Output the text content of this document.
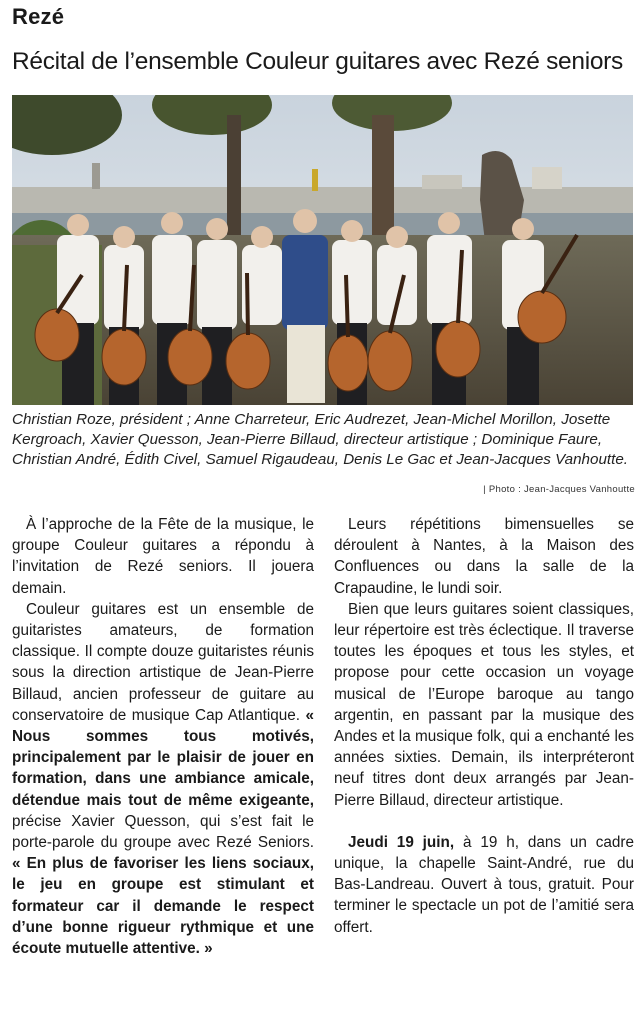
Rezé
Récital de l’ensemble Couleur guitares avec Rezé seniors
Christian Roze, président ; Anne Charreteur, Eric Audrezet, Jean-Michel Morillon, Josette Kergroach, Xavier Quesson, Jean-Pierre Billaud, directeur artistique ; Dominique Faure, Christian André, Édith Civel, Samuel Rigaudeau, Denis Le Gac et Jean-Jacques Vanhoutte.
| Photo : Jean-Jacques Vanhoutte

À l’approche de la Fête de la musique, le groupe Couleur guitares a répondu à l’invitation de Rezé seniors. Il jouera demain.

Couleur guitares est un ensemble de guitaristes amateurs, de formation classique. Il compte douze guitaristes réunis sous la direction artistique de Jean-Pierre Billaud, ancien professeur de guitare au conservatoire de musique Cap Atlantique. « Nous sommes tous motivés, principalement par le plaisir de jouer en formation, dans une ambiance amicale, détendue mais tout de même exigeante, précise Xavier Quesson, qui s’est fait le porte-parole du groupe avec Rezé Seniors. « En plus de favoriser les liens sociaux, le jeu en groupe est stimulant et formateur car il demande le respect d’une bonne rigueur rythmique et une écoute mutuelle attentive. »

Leurs répétitions bimensuelles se déroulent à Nantes, à la Maison des Confluences ou dans la salle de la Crapaudine, le lundi soir.

Bien que leurs guitares soient classiques, leur répertoire est très éclectique. Il traverse toutes les époques et tous les styles, et propose pour cette occasion un voyage musical de l’Europe baroque au tango argentin, en passant par la musique des Andes et la musique folk, qui a enchanté les années sixties. Demain, ils interpréteront neuf titres dont deux arrangés par Jean-Pierre Billaud, directeur artistique.

Jeudi 19 juin, à 19 h, dans un cadre unique, la chapelle Saint-André, rue du Bas-Landreau. Ouvert à tous, gratuit. Pour terminer le spectacle un pot de l’amitié sera offert.
